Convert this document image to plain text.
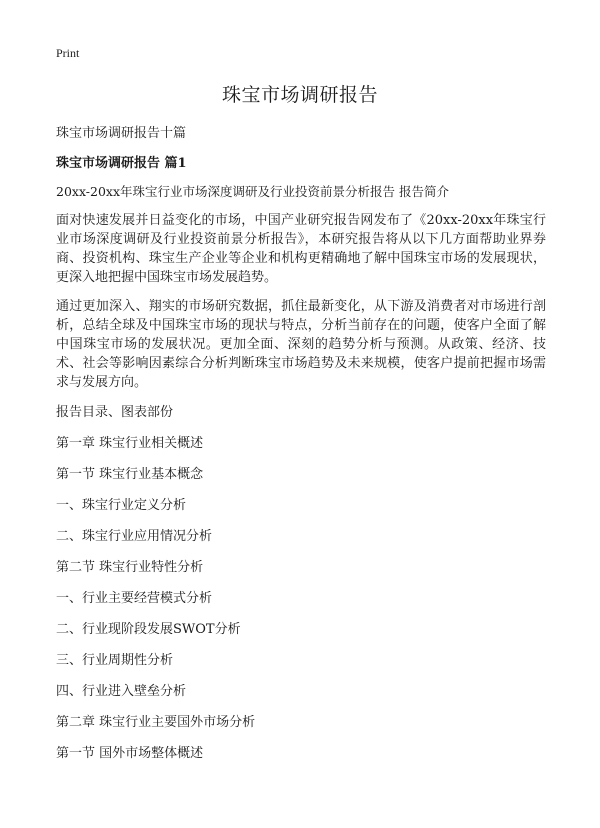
Print
珠宝市场调研报告
珠宝市场调研报告十篇
珠宝市场调研报告 篇1
20xx-20xx年珠宝行业市场深度调研及行业投资前景分析报告 报告简介

面对快速发展并日益变化的市场，中国产业研究报告网发布了《20xx-20xx年珠宝行业市场深度调研及行业投资前景分析报告》，本研究报告将从以下几方面帮助业界券商、投资机构、珠宝生产企业等企业和机构更精确地了解中国珠宝市场的发展现状，更深入地把握中国珠宝市场发展趋势。

通过更加深入、翔实的市场研究数据，抓住最新变化，从下游及消费者对市场进行剖析，总结全球及中国珠宝市场的现状与特点，分析当前存在的问题，使客户全面了解中国珠宝市场的发展状况。更加全面、深刻的趋势分析与预测。从政策、经济、技术、社会等影响因素综合分析判断珠宝市场趋势及未来规模，使客户提前把握市场需求与发展方向。

报告目录、图表部份
第一章 珠宝行业相关概述
第一节 珠宝行业基本概念
一、珠宝行业定义分析
二、珠宝行业应用情况分析
第二节 珠宝行业特性分析
一、行业主要经营模式分析
二、行业现阶段发展SWOT分析
三、行业周期性分析
四、行业进入壁垒分析
第二章 珠宝行业主要国外市场分析
第一节 国外市场整体概述
